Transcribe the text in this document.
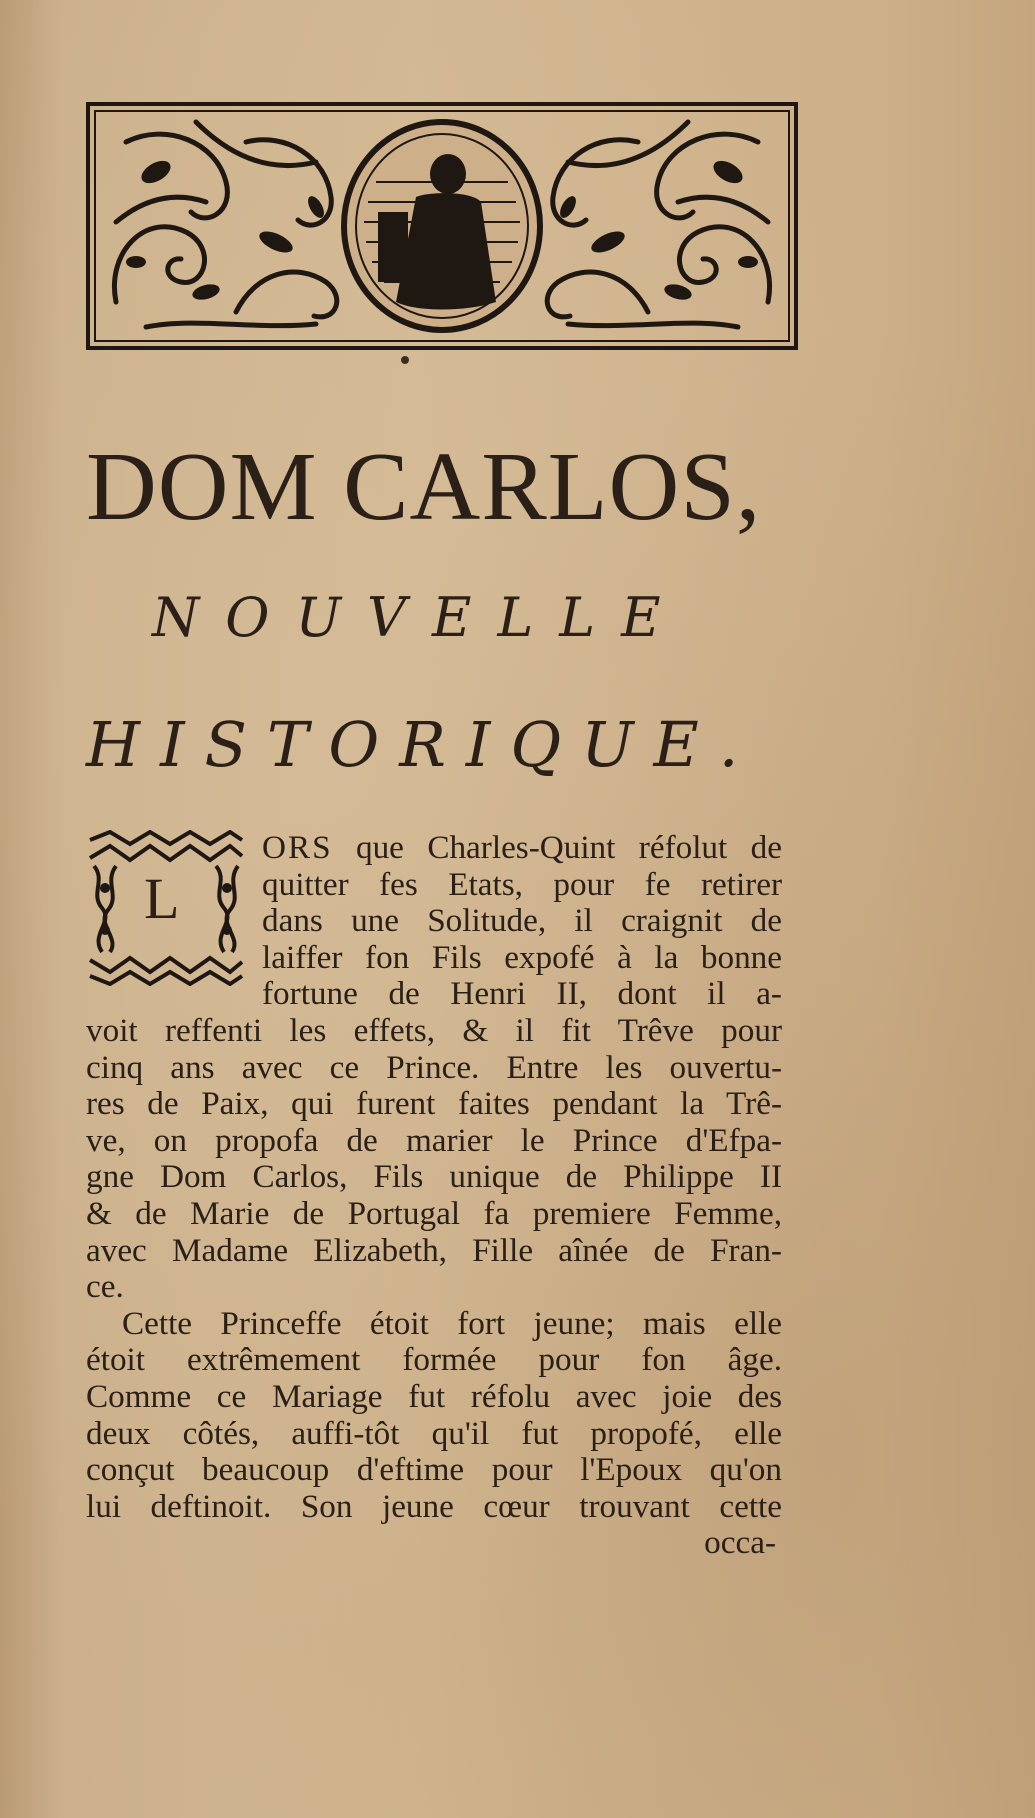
DOM CARLOS,
NOUVELLE
HISTORIQUE.
L
ORS que Charles-Quint réfolut de
quitter fes Etats, pour fe retirer
dans une Solitude, il craignit de
laiffer fon Fils expofé à la bonne
fortune de Henri II, dont il a-
voit reffenti les effets, & il fit Trêve pour
cinq ans avec ce Prince. Entre les ouvertu-
res de Paix, qui furent faites pendant la Trê-
ve, on propofa de marier le Prince d'Efpa-
gne Dom Carlos, Fils unique de Philippe II
& de Marie de Portugal fa premiere Femme,
avec Madame Elizabeth, Fille aînée de Fran-
ce.
Cette Princeffe étoit fort jeune; mais elle
étoit extrêmement formée pour fon âge.
Comme ce Mariage fut réfolu avec joie des
deux côtés, auffi-tôt qu'il fut propofé, elle
conçut beaucoup d'eftime pour l'Epoux qu'on
lui deftinoit. Son jeune cœur trouvant cette
occa-
